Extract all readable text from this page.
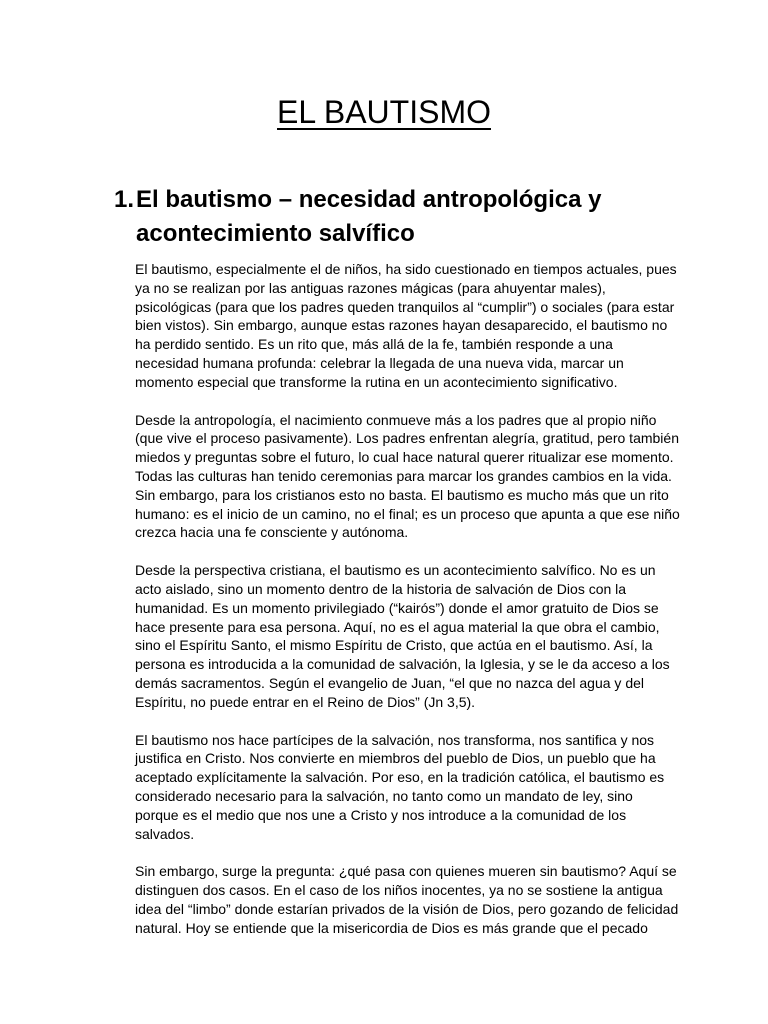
EL BAUTISMO
1. El bautismo – necesidad antropológica y acontecimiento salvífico

El bautismo, especialmente el de niños, ha sido cuestionado en tiempos actuales, pues ya no se realizan por las antiguas razones mágicas (para ahuyentar males), psicológicas (para que los padres queden tranquilos al “cumplir”) o sociales (para estar bien vistos). Sin embargo, aunque estas razones hayan desaparecido, el bautismo no ha perdido sentido. Es un rito que, más allá de la fe, también responde a una necesidad humana profunda: celebrar la llegada de una nueva vida, marcar un momento especial que transforme la rutina en un acontecimiento significativo.

Desde la antropología, el nacimiento conmueve más a los padres que al propio niño (que vive el proceso pasivamente). Los padres enfrentan alegría, gratitud, pero también miedos y preguntas sobre el futuro, lo cual hace natural querer ritualizar ese momento. Todas las culturas han tenido ceremonias para marcar los grandes cambios en la vida. Sin embargo, para los cristianos esto no basta. El bautismo es mucho más que un rito humano: es el inicio de un camino, no el final; es un proceso que apunta a que ese niño crezca hacia una fe consciente y autónoma.

Desde la perspectiva cristiana, el bautismo es un acontecimiento salvífico. No es un acto aislado, sino un momento dentro de la historia de salvación de Dios con la humanidad. Es un momento privilegiado (“kairós”) donde el amor gratuito de Dios se hace presente para esa persona. Aquí, no es el agua material la que obra el cambio, sino el Espíritu Santo, el mismo Espíritu de Cristo, que actúa en el bautismo. Así, la persona es introducida a la comunidad de salvación, la Iglesia, y se le da acceso a los demás sacramentos. Según el evangelio de Juan, “el que no nazca del agua y del Espíritu, no puede entrar en el Reino de Dios” (Jn 3,5).

El bautismo nos hace partícipes de la salvación, nos transforma, nos santifica y nos justifica en Cristo. Nos convierte en miembros del pueblo de Dios, un pueblo que ha aceptado explícitamente la salvación. Por eso, en la tradición católica, el bautismo es considerado necesario para la salvación, no tanto como un mandato de ley, sino porque es el medio que nos une a Cristo y nos introduce a la comunidad de los salvados.

Sin embargo, surge la pregunta: ¿qué pasa con quienes mueren sin bautismo? Aquí se distinguen dos casos. En el caso de los niños inocentes, ya no se sostiene la antigua idea del “limbo” donde estarían privados de la visión de Dios, pero gozando de felicidad natural. Hoy se entiende que la misericordia de Dios es más grande que el pecado
